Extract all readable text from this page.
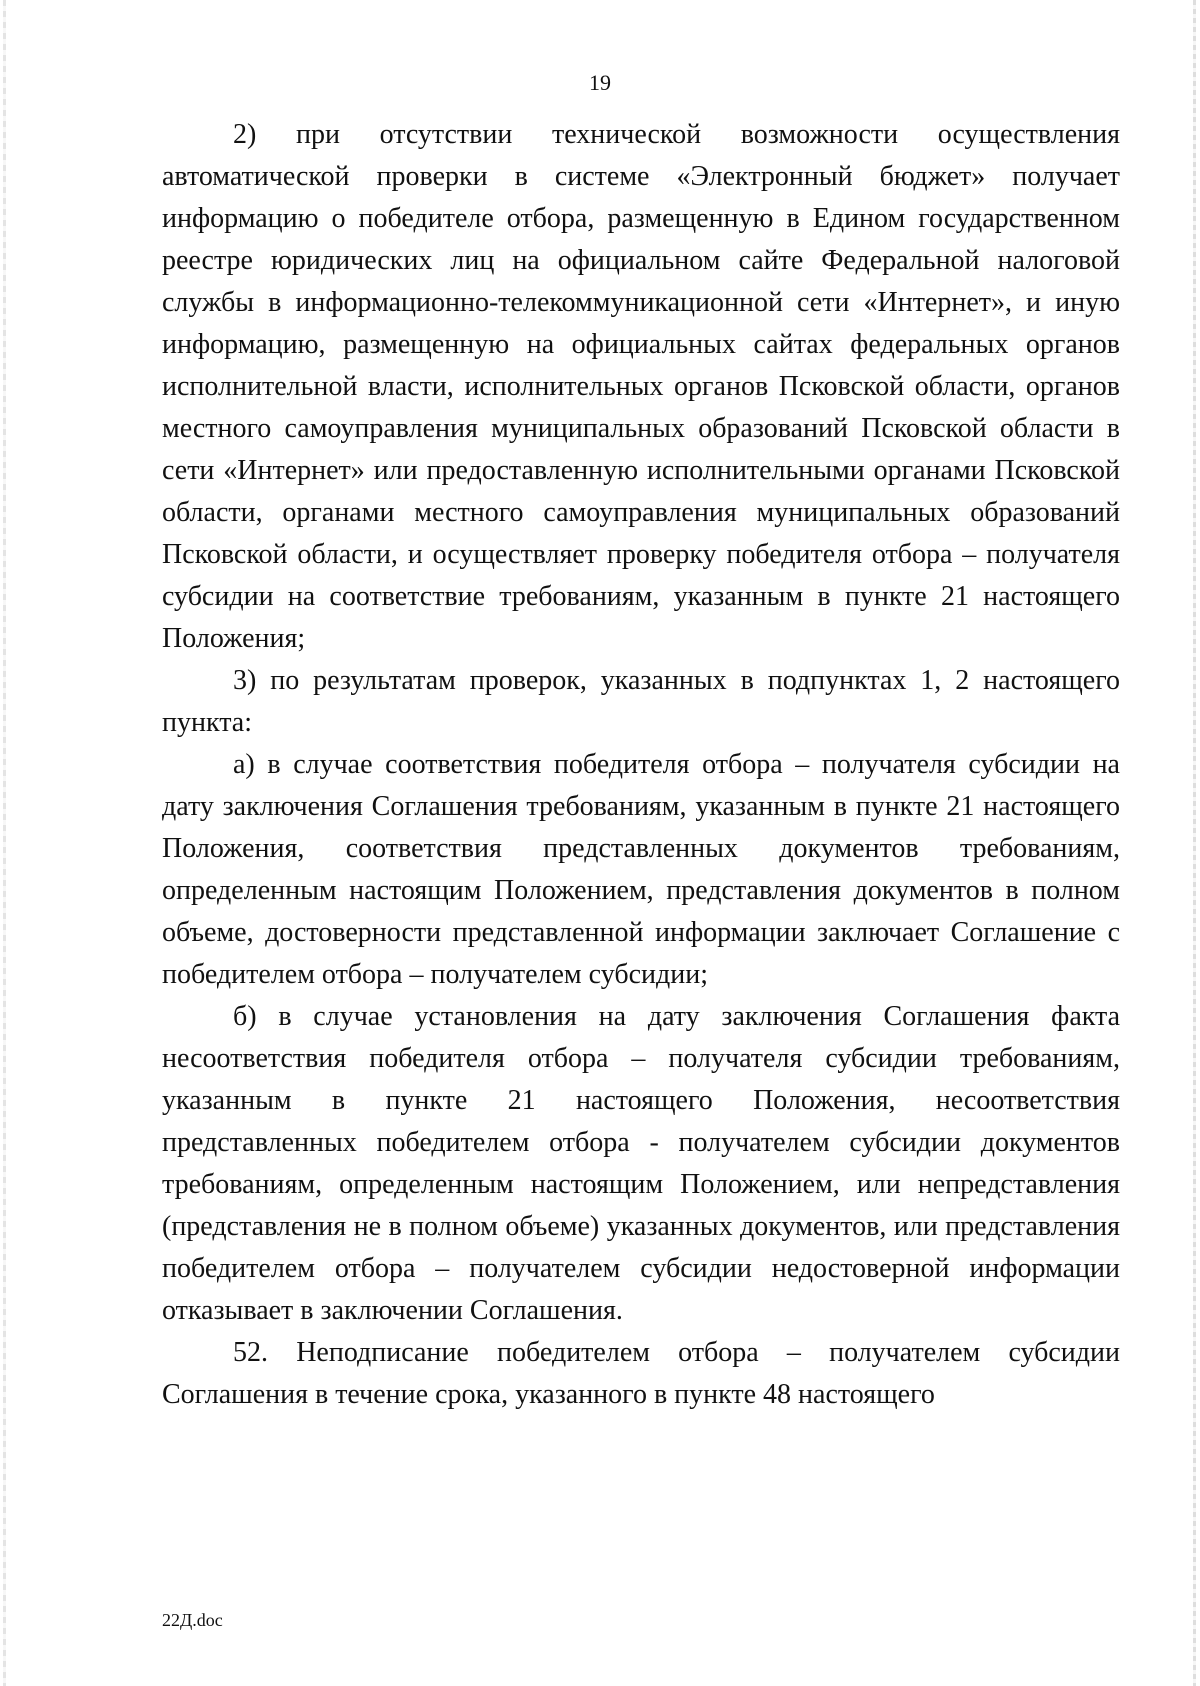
19

2) при отсутствии технической возможности осуществления автоматической проверки в системе «Электронный бюджет» получает информацию о победителе отбора, размещенную в Едином государственном реестре юридических лиц на официальном сайте Федеральной налоговой службы в информационно-телекоммуникационной сети «Интернет», и иную информацию, размещенную на официальных сайтах федеральных органов исполнительной власти, исполнительных органов Псковской области, органов местного самоуправления муниципальных образований Псковской области в сети «Интернет» или предоставленную исполнительными органами Псковской области, органами местного самоуправления муниципальных образований Псковской области, и осуществляет проверку победителя отбора – получателя субсидии на соответствие требованиям, указанным в пункте 21 настоящего Положения;

3) по результатам проверок, указанных в подпунктах 1, 2 настоящего пункта:

а) в случае соответствия победителя отбора – получателя субсидии на дату заключения Соглашения требованиям, указанным в пункте 21 настоящего Положения, соответствия представленных документов требованиям, определенным настоящим Положением, представления документов в полном объеме, достоверности представленной информации заключает Соглашение с победителем отбора – получателем субсидии;

б) в случае установления на дату заключения Соглашения факта несоответствия победителя отбора – получателя субсидии требованиям, указанным в пункте 21 настоящего Положения, несоответствия представленных победителем отбора - получателем субсидии документов требованиям, определенным настоящим Положением, или непредставления (представления не в полном объеме) указанных документов, или представления победителем отбора – получателем субсидии недостоверной информации отказывает в заключении Соглашения.

52. Неподписание победителем отбора – получателем субсидии Соглашения в течение срока, указанного в пункте 48 настоящего

22Д.doc
